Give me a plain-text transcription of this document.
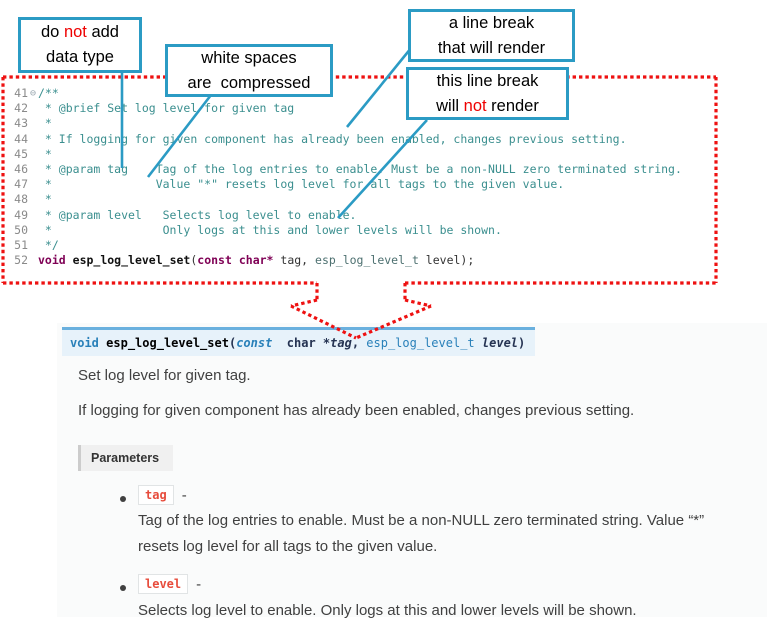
do not add
data type	white spaces
are  compressed
a line break
that will render
this line break
will not render
41 ⊖ /**
42 * @brief Set log level for given tag
43 *
44 * If logging for given component has already been enabled, changes previous setting.
45 *
46 * @param tag    Tag of the log entries to enable. Must be a non-NULL zero terminated string.
47 *               Value "*" resets log level for all tags to the given value.
48 *
49 * @param level   Selects log level to enable.
50 *                Only logs at this and lower levels will be shown.
51 */
52 void esp_log_level_set(const char* tag, esp_log_level_t level);
void esp_log_level_set(const char *tag, esp_log_level_t level)
Set log level for given tag.
If logging for given component has already been enabled, changes previous setting.
Parameters
tag	-
Tag of the log entries to enable. Must be a non-NULL zero terminated string. Value “*”
resets log level for all tags to the given value.
level	-
Selects log level to enable. Only logs at this and lower levels will be shown.
